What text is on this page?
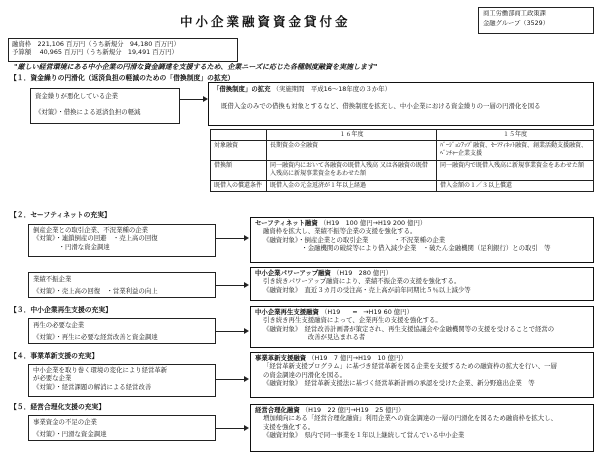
中小企業融資資金貸付金
商工労働部商工政策課
金融グループ（3529）
融資枠　221,106 百万円（うち新規分　94,180 百万円）
予算額　 40,965 百万円（うち新規分　19,491 百万円）
"厳しい経営環境にある中小企業の円滑な資金調達を支援するため、企業ニーズに応じた各種制度融資を実施します"
【１．資金繰りの円滑化（返済負担の軽減のための「借換制度」の拡充）
資金繰りが悪化している企業
《対策》・借換による返済負担の軽減
「借換制度」の拡充 （実施期間　平成16～18年度の３か年）
既借入金のみでの借換も対象とするなど、借換制度を拡充し、中小企業における資金繰りの一層の円滑化を図る
	１６年度	１５年度
対象融資	長期資金の全融資	ﾊﾞｰｼﾞｮﾝｱｯﾌﾟ融資、ｾｰﾌﾃｨﾈｯﾄ融資、創業活動支援融資、ﾍﾞﾝﾁｬｰ企業支援
借換額	同一融資内において各融資の既借入残高 又は各融資の既借入残高に新規事業資金をあわせた額	同一融資内で既借入残高に新規事業資金をあわせた額
既借入の償還条件	既借入金の元金返済が１年以上経過	借入金額の１／３以上償還
【２．セーフティネットの充実】
倒産企業との取引企業、不況業種の企業
《対策》・連鎖倒産の回避　・売上高の回復
　　　　・円滑な資金調達
セーフティネット融資 （H19　100 億円→H19 200 億円）
融資枠を拡大し、業績不振等企業の支援を強化する。
《融資対象》・倒産企業との取引企業　　　　・不況業種の企業
　　　　　　・金融機関の破綻等により借入減少企業　・破たん金融機関（足利銀行）との取引　等
業績不振企業
《対策》・売上高の回復　・営業利益の向上
中小企業パワーアップ融資 （H19　280 億円）
引き続きパワーアップ融資により、業績不振企業の支援を強化する。
《融資対象》　直近３カ月の受注高・売上高が前年同期比５％以上減少等
【３．中小企業再生支援の充実】
再生の必要な企業
《対策》・再生に必要な経営改善と資金調達
中小企業再生支援融資 （H19　　━　→H19 60 億円）
引き続き再生支援融資によって、企業再生の支援を強化する。
《融資対象》　経営改善計画書が策定され、再生支援協議会や金融機関等の支援を受けることで経営の
　　　　　　　改善が見込まれる者
【４．事業革新支援の充実】
中小企業を取り巻く環境の変化により経営革新
が必要な企業
《対策》・経営課題の解消による経営改善
事業革新支援融資 （H19　7 億円→H19　10 億円）
「経営革新支援プログラム」に基づき経営革新を図る企業を支援するための融資枠の拡大を行い、一層
の資金調達の円滑化を図る。
《融資対象》　経営革新支援法に基づく経営革新計画の承認を受けた企業、新分野進出企業　等
【５．経営合理化支援の充実】
事業資金の不足の企業
《対策》・円滑な資金調達
経営合理化融資 （H19　22 億円→H19　25 億円）
増加傾向にある「経営合理化融資」利用企業への資金調達の一層の円滑化を図るため融資枠を拡大し、
支援を強化する。
《融資対象》　県内で同一事業を１年以上継続して営んでいる中小企業
